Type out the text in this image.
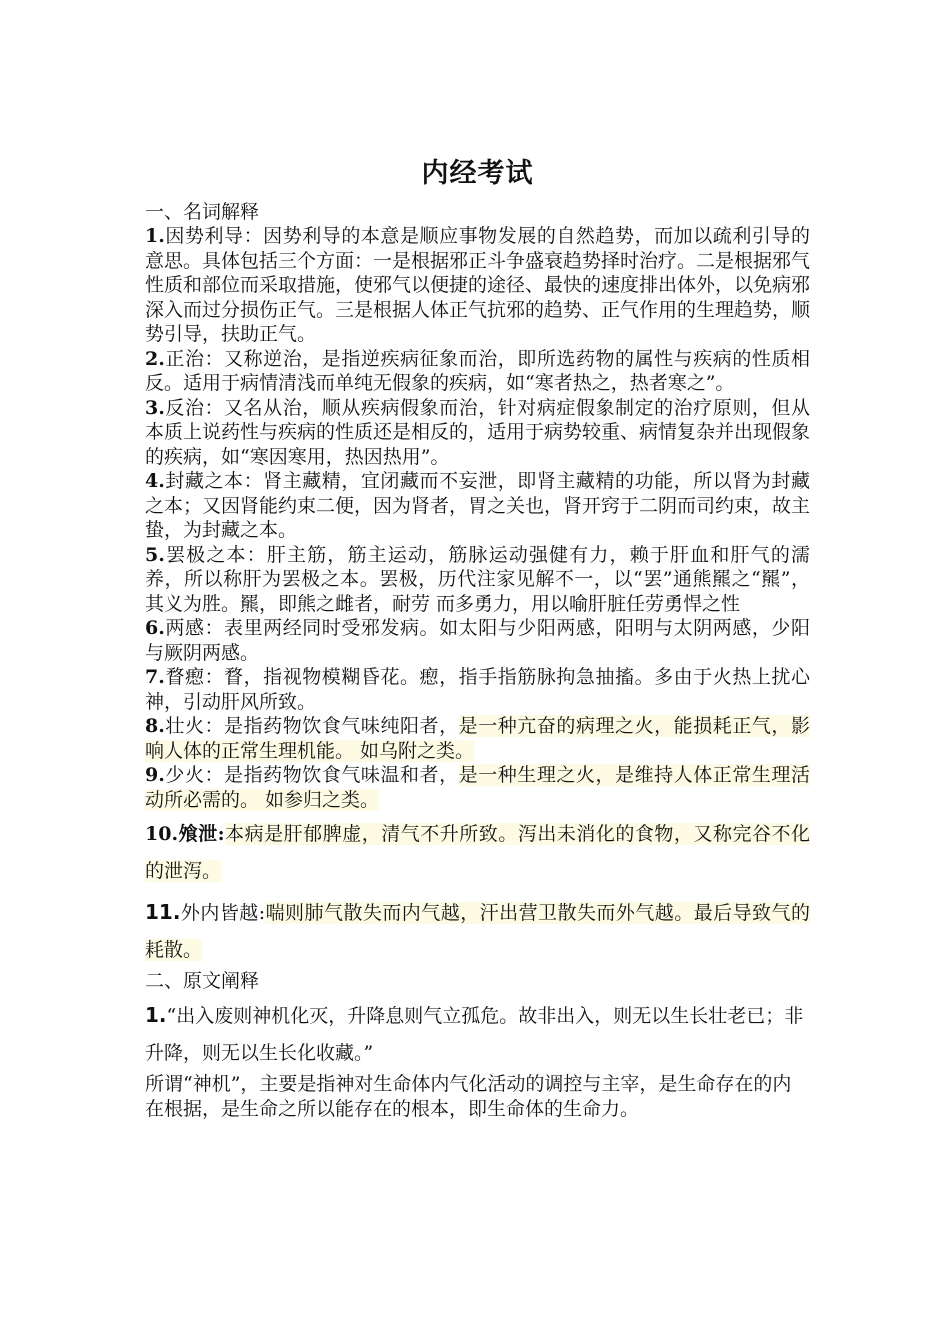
内经考试
一、名词解释

1.因势利导：因势利导的本意是顺应事物发展的自然趋势，而加以疏利引导的意思。具体包括三个方面：一是根据邪正斗争盛衰趋势择时治疗。二是根据邪气性质和部位而采取措施，使邪气以便捷的途径、最快的速度排出体外，以免病邪深入而过分损伤正气。三是根据人体正气抗邪的趋势、正气作用的生理趋势，顺势引导，扶助正气。

2.正治：又称逆治，是指逆疾病征象而治，即所选药物的属性与疾病的性质相反。适用于病情清浅而单纯无假象的疾病，如“寒者热之，热者寒之”。

3.反治：又名从治，顺从疾病假象而治，针对病症假象制定的治疗原则，但从本质上说药性与疾病的性质还是相反的，适用于病势较重、病情复杂并出现假象的疾病，如“寒因寒用，热因热用”。

4.封藏之本：肾主藏精，宜闭藏而不妄泄，即肾主藏精的功能，所以肾为封藏之本；又因肾能约束二便，因为肾者，胃之关也，肾开窍于二阴而司约束，故主蛰，为封藏之本。

5.罢极之本：肝主筋，筋主运动，筋脉运动强健有力，赖于肝血和肝气的濡养，所以称肝为罢极之本。罢极，历代注家见解不一，以“罢”通熊羆之“羆”，其义为胜。羆，即熊之雌者，耐劳 而多勇力，用以喻肝脏任劳勇悍之性

6.两感：表里两经同时受邪发病。如太阳与少阳两感，阳明与太阴两感，少阳与厥阴两感。

7.瞀瘛：瞀，指视物模糊昏花。瘛，指手指筋脉拘急抽搐。多由于火热上扰心神，引动肝风所致。

8.壮火：是指药物饮食气味纯阳者，是一种亢奋的病理之火，能损耗正气，影响人体的正常生理机能。 如乌附之类。

9.少火：是指药物饮食气味温和者，是一种生理之火，是维持人体正常生理活动所必需的。 如参归之类。

10.飧泄:本病是肝郁脾虚，清气不升所致。泻出未消化的食物，又称完谷不化的泄泻。

11.外内皆越:喘则肺气散失而内气越，汗出营卫散失而外气越。最后导致气的耗散。

二、原文阐释

1.“出入废则神机化灭，升降息则气立孤危。故非出入，则无以生长壮老已；非升降，则无以生长化收藏。”

所谓“神机”，主要是指神对生命体内气化活动的调控与主宰，是生命存在的内在根据，是生命之所以能存在的根本，即生命体的生命力。
